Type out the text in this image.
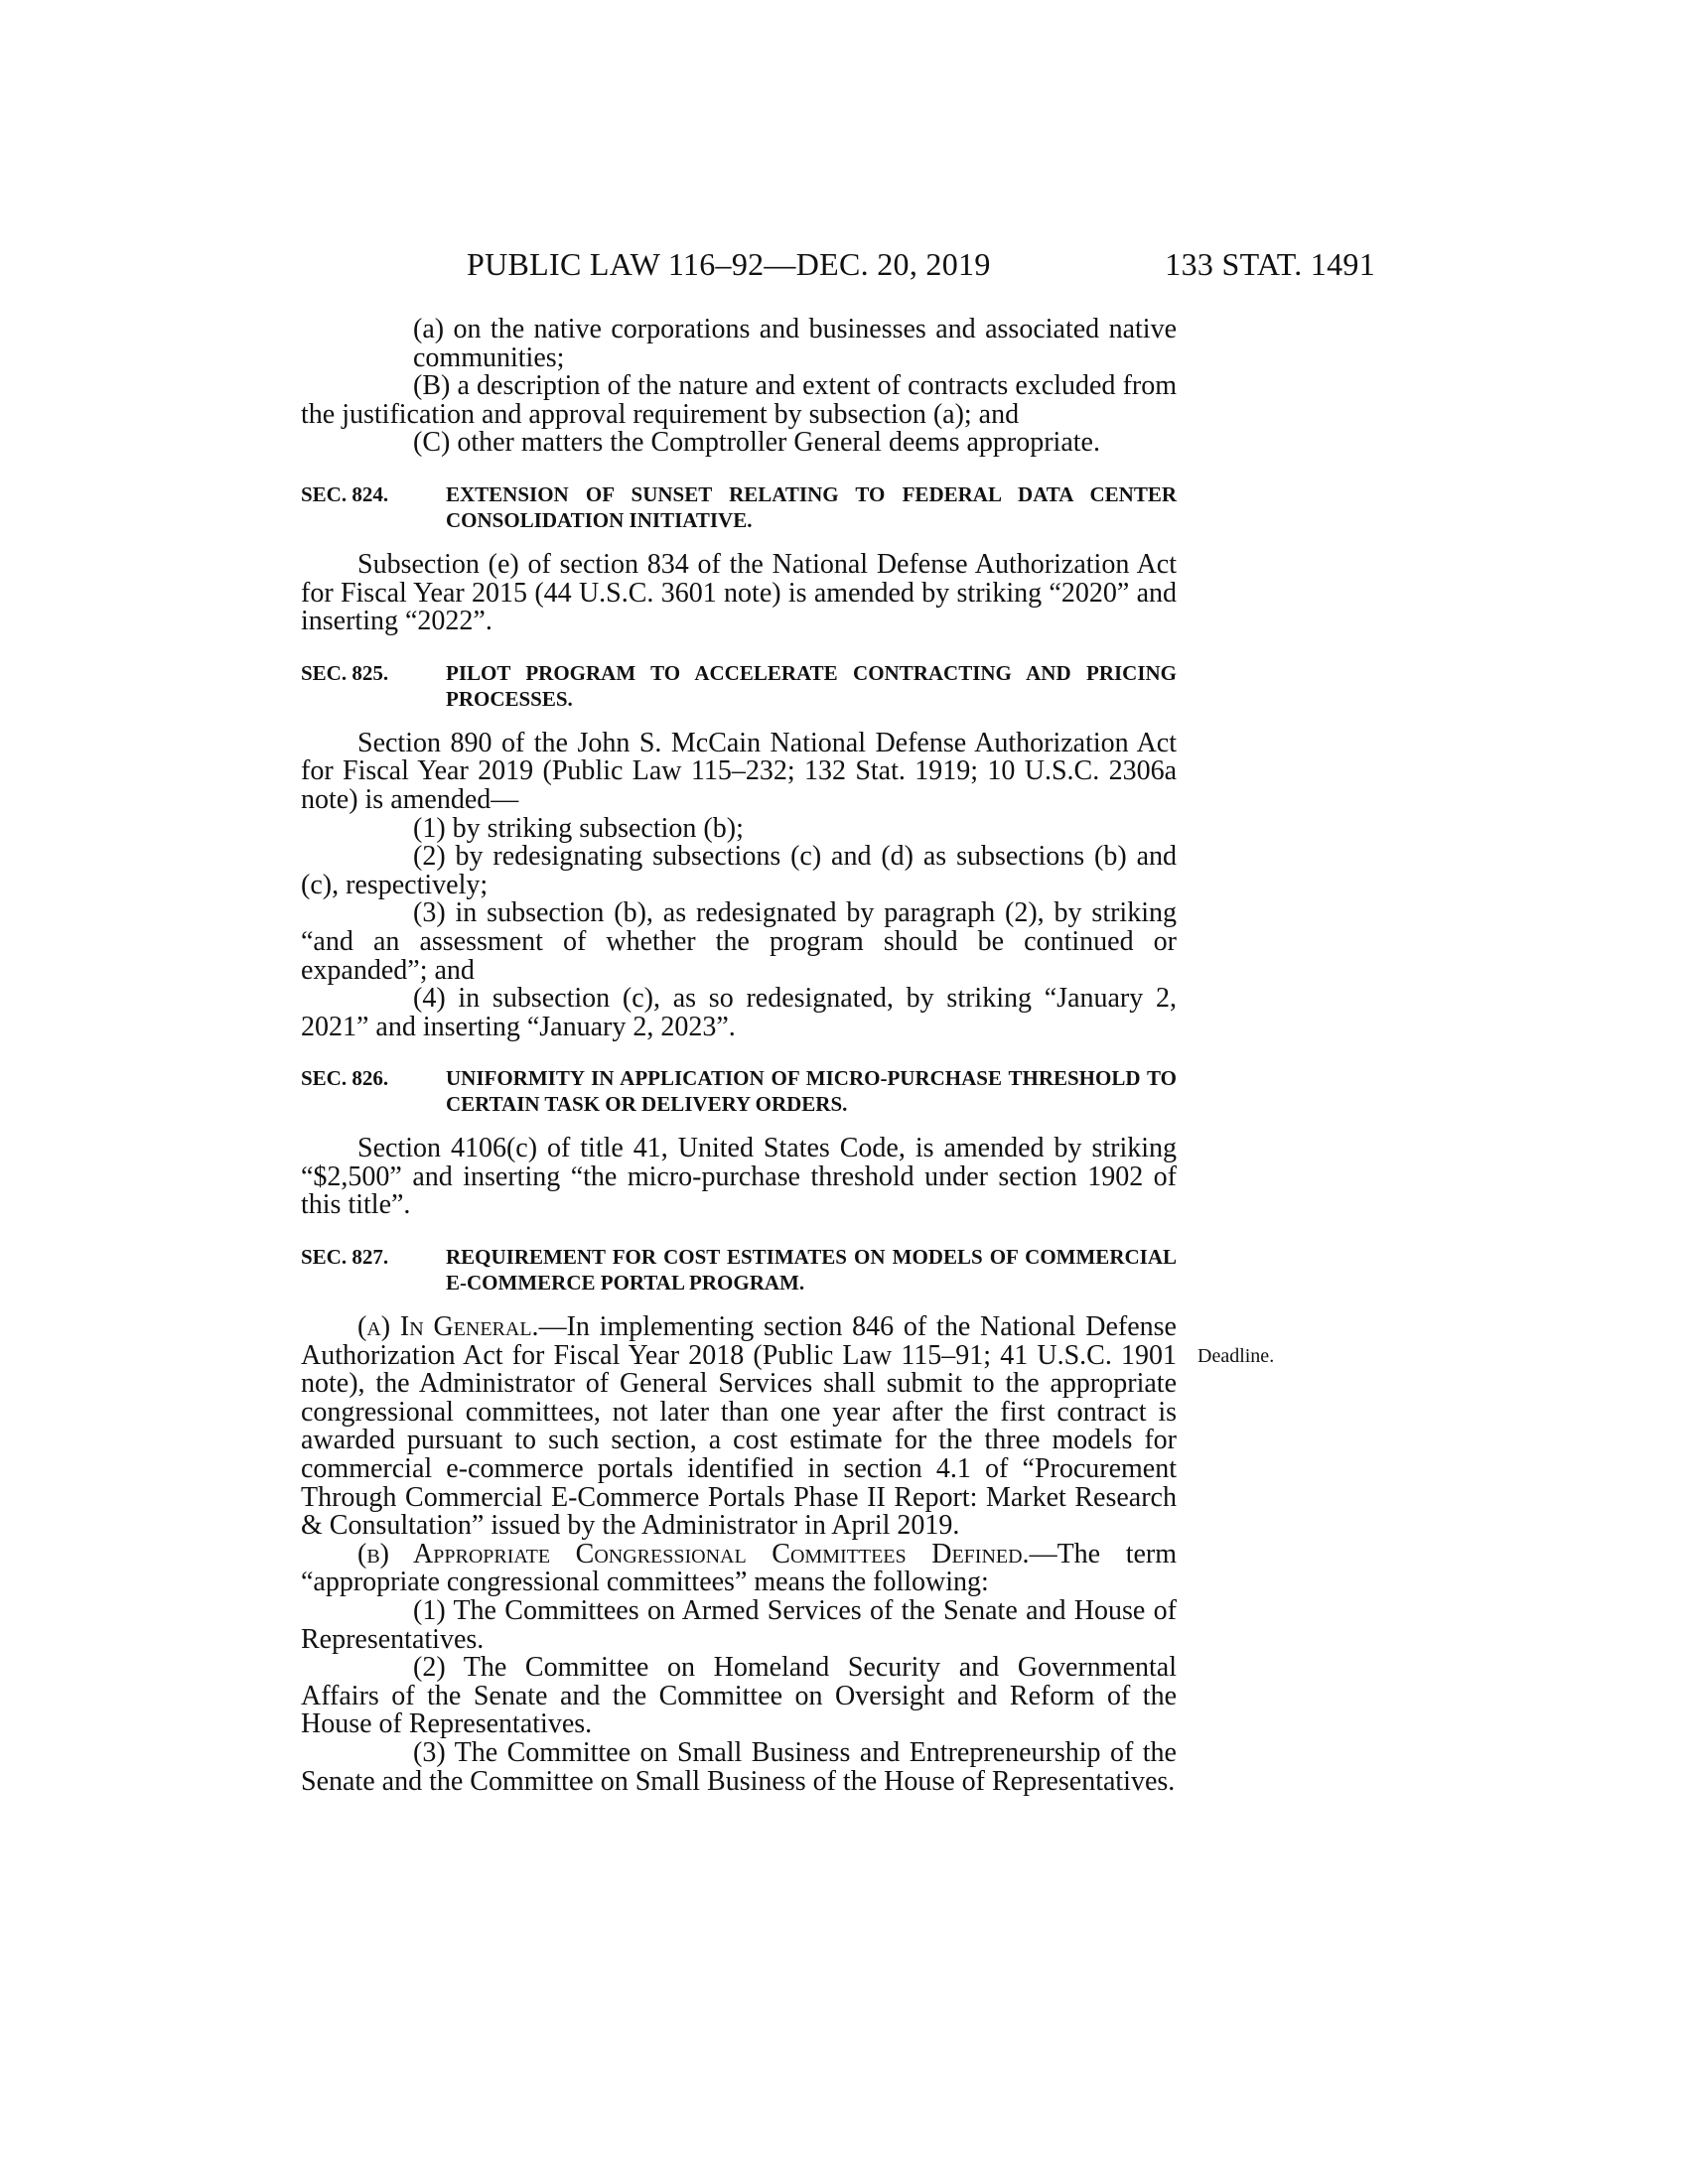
PUBLIC LAW 116–92—DEC. 20, 2019	133 STAT. 1491
Deadline.

(a) on the native corporations and businesses and associated native communities;

(B) a description of the nature and extent of contracts excluded from the justification and approval requirement by subsection (a); and

(C) other matters the Comptroller General deems appropriate.

SEC. 824.	EXTENSION OF SUNSET RELATING TO FEDERAL DATA CENTER CONSOLIDATION INITIATIVE.

Subsection (e) of section 834 of the National Defense Authorization Act for Fiscal Year 2015 (44 U.S.C. 3601 note) is amended by striking “2020” and inserting “2022”.

SEC. 825.	PILOT PROGRAM TO ACCELERATE CONTRACTING AND PRICING PROCESSES.

Section 890 of the John S. McCain National Defense Authorization Act for Fiscal Year 2019 (Public Law 115–232; 132 Stat. 1919; 10 U.S.C. 2306a note) is amended—

(1) by striking subsection (b);

(2) by redesignating subsections (c) and (d) as subsections (b) and (c), respectively;

(3) in subsection (b), as redesignated by paragraph (2), by striking “and an assessment of whether the program should be continued or expanded”; and

(4) in subsection (c), as so redesignated, by striking “January 2, 2021” and inserting “January 2, 2023”.

SEC. 826.	UNIFORMITY IN APPLICATION OF MICRO-PURCHASE THRESHOLD TO CERTAIN TASK OR DELIVERY ORDERS.

Section 4106(c) of title 41, United States Code, is amended by striking “$2,500” and inserting “the micro-purchase threshold under section 1902 of this title”.

SEC. 827.	REQUIREMENT FOR COST ESTIMATES ON MODELS OF COMMERCIAL E-COMMERCE PORTAL PROGRAM.

(a) In General.—In implementing section 846 of the National Defense Authorization Act for Fiscal Year 2018 (Public Law 115–91; 41 U.S.C. 1901 note), the Administrator of General Services shall submit to the appropriate congressional committees, not later than one year after the first contract is awarded pursuant to such section, a cost estimate for the three models for commercial e-commerce portals identified in section 4.1 of “Procurement Through Commercial E-Commerce Portals Phase II Report: Market Research & Consultation” issued by the Administrator in April 2019.

(b) Appropriate Congressional Committees Defined.—The term “appropriate congressional committees” means the following:

(1) The Committees on Armed Services of the Senate and House of Representatives.

(2) The Committee on Homeland Security and Governmental Affairs of the Senate and the Committee on Oversight and Reform of the House of Representatives.

(3) The Committee on Small Business and Entrepreneurship of the Senate and the Committee on Small Business of the House of Representatives.
